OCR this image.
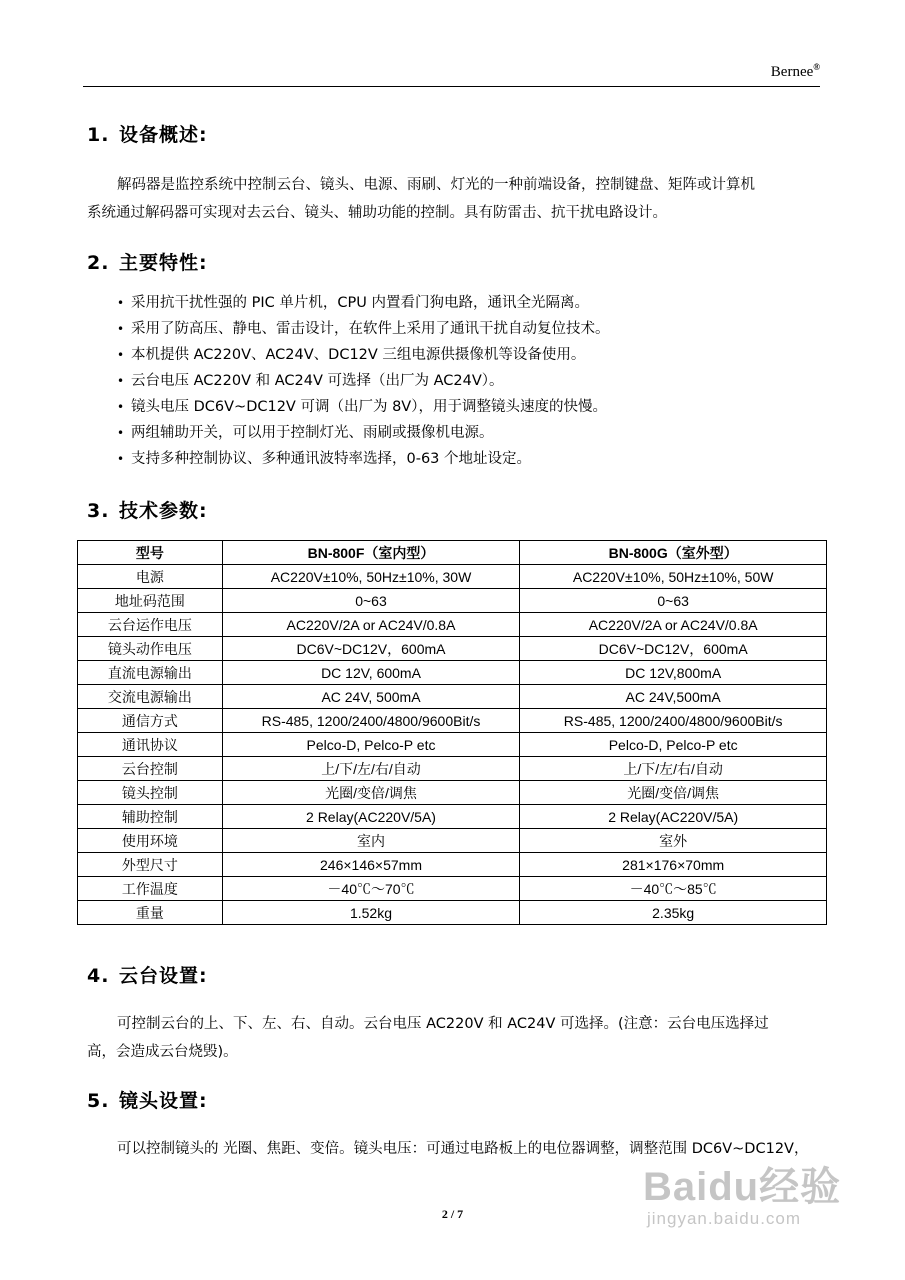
Bernee®
1. 设备概述:
解码器是监控系统中控制云台、镜头、电源、雨刷、灯光的一种前端设备，控制键盘、矩阵或计算机
系统通过解码器可实现对去云台、镜头、辅助功能的控制。具有防雷击、抗干扰电路设计。
2. 主要特性:
• 采用抗干扰性强的 PIC 单片机，CPU 内置看门狗电路，通讯全光隔离。
• 采用了防高压、静电、雷击设计，在软件上采用了通讯干扰自动复位技术。
• 本机提供 AC220V、AC24V、DC12V 三组电源供摄像机等设备使用。
• 云台电压 AC220V 和 AC24V 可选择（出厂为 AC24V）。
• 镜头电压 DC6V~DC12V 可调（出厂为 8V），用于调整镜头速度的快慢。
• 两组辅助开关，可以用于控制灯光、雨刷或摄像机电源。
• 支持多种控制协议、多种通讯波特率选择，0-63 个地址设定。
3. 技术参数:
型号	BN-800F（室内型）	BN-800G（室外型）
电源	AC220V±10%, 50Hz±10%, 30W	AC220V±10%, 50Hz±10%, 50W
地址码范围	0~63	0~63
云台运作电压	AC220V/2A or AC24V/0.8A	AC220V/2A or AC24V/0.8A
镜头动作电压	DC6V~DC12V，600mA	DC6V~DC12V，600mA
直流电源输出	DC 12V, 600mA	DC 12V,800mA
交流电源输出	AC 24V, 500mA	AC 24V,500mA
通信方式	RS-485, 1200/2400/4800/9600Bit/s	RS-485, 1200/2400/4800/9600Bit/s
通讯协议	Pelco-D, Pelco-P etc	Pelco-D, Pelco-P etc
云台控制	上/下/左/右/自动	上/下/左/右/自动
镜头控制	光圈/变倍/调焦	光圈/变倍/调焦
辅助控制	2 Relay(AC220V/5A)	2 Relay(AC220V/5A)
使用环境	室内	室外
外型尺寸	246×146×57mm	281×176×70mm
工作温度	－40℃～70℃	－40℃～85℃
重量	1.52kg	2.35kg
4. 云台设置:
可控制云台的上、下、左、右、自动。云台电压 AC220V 和 AC24V 可选择。(注意：云台电压选择过
高，会造成云台烧毁)。
5. 镜头设置:
可以控制镜头的 光圈、焦距、变倍。镜头电压：可通过电路板上的电位器调整，调整范围 DC6V~DC12V，
2 / 7
Baidu经验
jingyan.baidu.com
